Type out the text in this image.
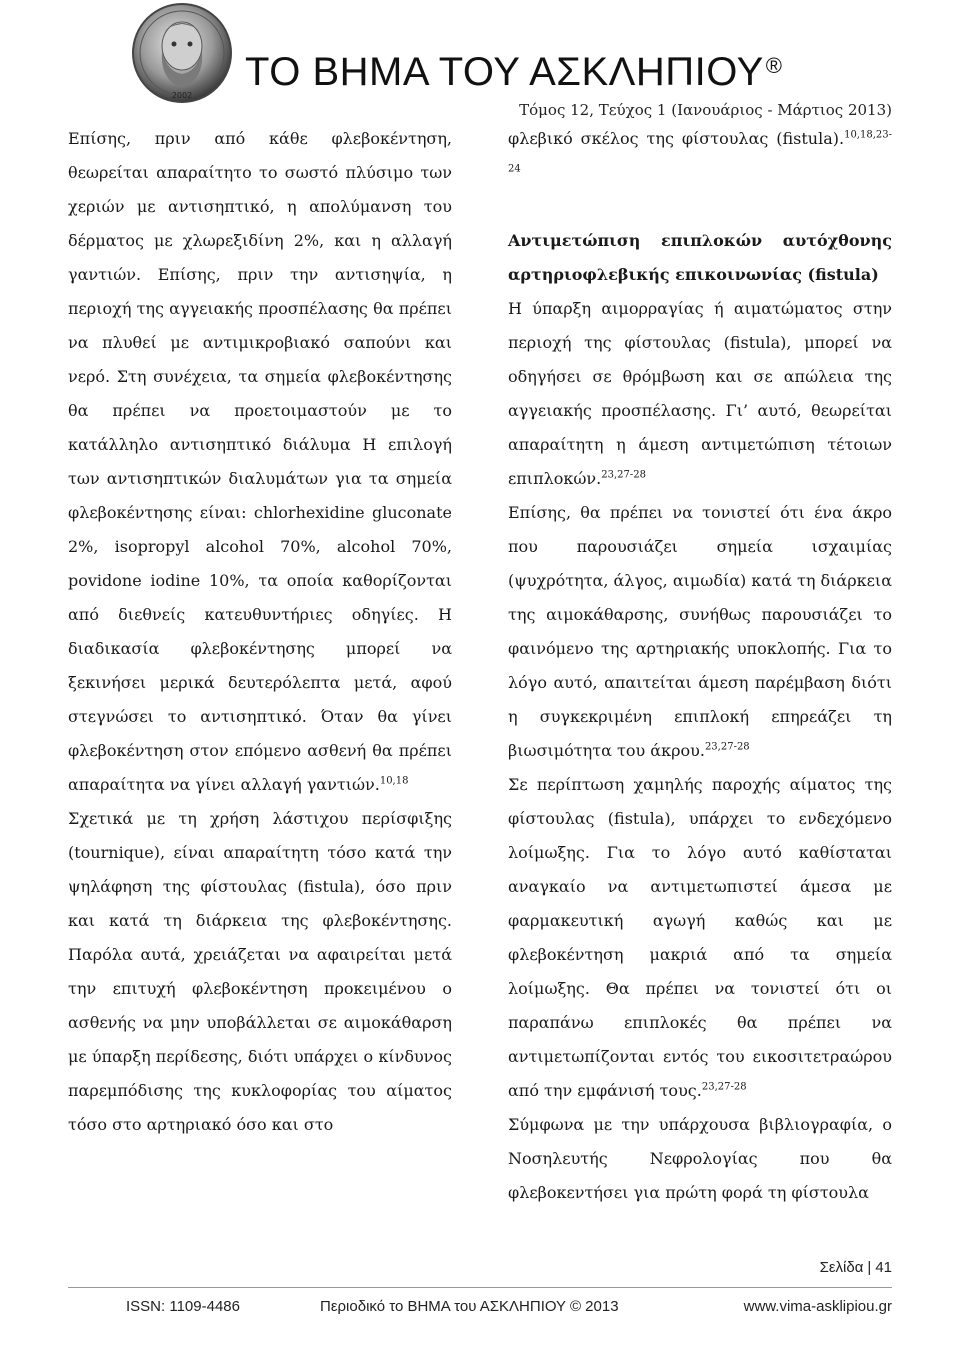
2002
ΤΟ ΒΗΜΑ ΤΟΥ ΑΣΚΛΗΠΙΟΥ®
Τόμος 12, Τεύχος 1 (Ιανουάριος - Μάρτιος 2013)

Επίσης, πριν από κάθε φλεβοκέντηση, θεωρείται απαραίτητο το σωστό πλύσιμο των χεριών με αντισηπτικό, η απολύμανση του δέρματος με χλωρεξιδίνη 2%, και η αλλαγή γαντιών. Επίσης, πριν την αντισηψία, η περιοχή της αγγειακής προσπέλασης θα πρέπει να πλυθεί με αντιμικροβιακό σαπούνι και νερό. Στη συνέχεια, τα σημεία φλεβοκέντησης θα πρέπει να προετοιμαστούν με το κατάλληλο αντισηπτικό διάλυμα Η επιλογή των αντισηπτικών διαλυμάτων για τα σημεία φλεβοκέντησης είναι: chlorhexidine gluconate 2%, isopropyl alcohol 70%, alcohol 70%, povidone iodine 10%, τα οποία καθορίζονται από διεθνείς κατευθυντήριες οδηγίες. Η διαδικασία φλεβοκέντησης μπορεί να ξεκινήσει μερικά δευτερόλεπτα μετά, αφού στεγνώσει το αντισηπτικό. Όταν θα γίνει φλεβοκέντηση στον επόμενο ασθενή θα πρέπει απαραίτητα να γίνει αλλαγή γαντιών.$^{10,18}$

Σχετικά με τη χρήση λάστιχου περίσφιξης (tournique), είναι απαραίτητη τόσο κατά την ψηλάφηση της φίστουλας (fistula), όσο πριν και κατά τη διάρκεια της φλεβοκέντησης. Παρόλα αυτά, χρειάζεται να αφαιρείται μετά την επιτυχή φλεβοκέντηση προκειμένου ο ασθενής να μην υποβάλλεται σε αιμοκάθαρση με ύπαρξη περίδεσης, διότι υπάρχει ο κίνδυνος παρεμπόδισης της κυκλοφορίας του αίματος τόσο στο αρτηριακό όσο και στο

φλεβικό σκέλος της φίστουλας (fistula).$^{10,18,23-24}$

Αντιμετώπιση επιπλοκών αυτόχθονης αρτηριοφλεβικής επικοινωνίας (fistula)

Η ύπαρξη αιμορραγίας ή αιματώματος στην περιοχή της φίστουλας (fistula), μπορεί να οδηγήσει σε θρόμβωση και σε απώλεια της αγγειακής προσπέλασης. Γι’ αυτό, θεωρείται απαραίτητη η άμεση αντιμετώπιση τέτοιων επιπλοκών.$^{23,27-28}$

Επίσης, θα πρέπει να τονιστεί ότι ένα άκρο που παρουσιάζει σημεία ισχαιμίας (ψυχρότητα, άλγος, αιμωδία) κατά τη διάρκεια της αιμοκάθαρσης, συνήθως παρουσιάζει το φαινόμενο της αρτηριακής υποκλοπής. Για το λόγο αυτό, απαιτείται άμεση παρέμβαση διότι η συγκεκριμένη επιπλοκή επηρεάζει τη βιωσιμότητα του άκρου.$^{23,27-28}$

Σε περίπτωση χαμηλής παροχής αίματος της φίστουλας (fistula), υπάρχει το ενδεχόμενο λοίμωξης. Για το λόγο αυτό καθίσταται αναγκαίο να αντιμετωπιστεί άμεσα με φαρμακευτική αγωγή καθώς και με φλεβοκέντηση μακριά από τα σημεία λοίμωξης. Θα πρέπει να τονιστεί ότι οι παραπάνω επιπλοκές θα πρέπει να αντιμετωπίζονται εντός του εικοσιτετραώρου από την εμφάνισή τους.$^{23,27-28}$

Σύμφωνα με την υπάρχουσα βιβλιογραφία, ο Νοσηλευτής Νεφρολογίας που θα φλεβοκεντήσει για πρώτη φορά τη φίστουλα

Σελίδα | 41
ISSN: 1109-4486	Περιοδικό το ΒΗΜΑ του ΑΣΚΛΗΠΙΟΥ © 2013	www.vima-asklipiou.gr
